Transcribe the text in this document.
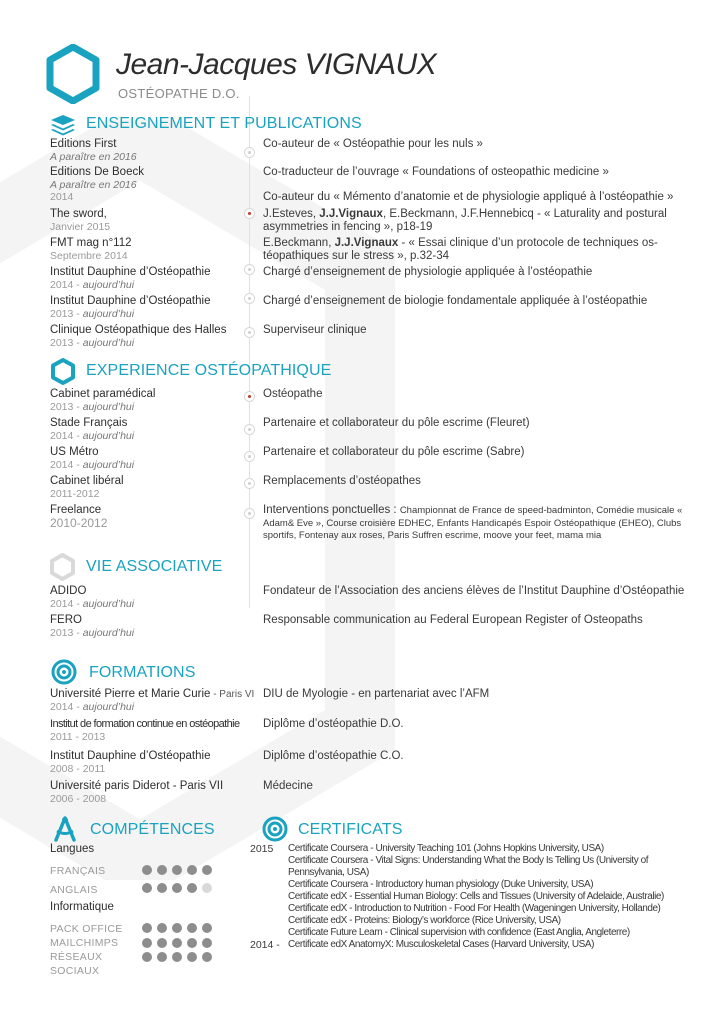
Jean-Jacques VIGNAUX
OSTÉOPATHE D.O.
ENSEIGNEMENT ET PUBLICATIONS
Editions First
A paraître en 2016
Co-auteur de « Ostéopathie pour les nuls »
Editions De Boeck
A paraître en 2016
Co-traducteur de l’ouvrage « Foundations of osteopathic medicine »
2014	Co-auteur du « Mémento d’anatomie et de physiologie appliqué à l’ostéopathie »
The sword,
Janvier 2015
J.Esteves, J.J.Vignaux, E.Beckmann, J.F.Hennebicq - « Laturality and postural asymmetries in fencing », p18-19
FMT mag n°112
Septembre 2014
E.Beckmann, J.J.Vignaux - « Essai clinique d’un protocole de techniques os-téopathiques sur le stress », p.32-34
Institut Dauphine d’Ostéopathie
2014 - aujourd’hui
Chargé d’enseignement de physiologie appliquée à l’ostéopathie
Institut Dauphine d’Ostéopathie
2013 - aujourd’hui
Chargé d’enseignement de biologie fondamentale appliquée à l’ostéopathie
Clinique Ostéopathique des Halles
2013 - aujourd’hui
Superviseur clinique
EXPERIENCE OSTÉOPATHIQUE
Cabinet paramédical
2013 - aujourd’hui
Ostéopathe
Stade Français
2014 - aujourd’hui
Partenaire et collaborateur du pôle escrime (Fleuret)
US Métro
2014 - aujourd’hui
Partenaire et collaborateur du pôle escrime (Sabre)
Cabinet libéral
2011-2012
Remplacements d’ostéopathes
Freelance
2010-2012
Interventions ponctuelles : Championnat de France de speed-badminton, Comédie musicale « Adam& Eve », Course croisière EDHEC, Enfants Handicapés Espoir Ostéopathique (EHEO), Clubs sportifs, Fontenay aux roses, Paris Suffren escrime, moove your feet, mama mia
VIE ASSOCIATIVE
ADIDO
2014 - aujourd’hui
Fondateur de l’Association des anciens élèves de l’Institut Dauphine d’Ostéopathie
FERO
2013 - aujourd’hui
Responsable communication au Federal European Register of Osteopaths
FORMATIONS
Université Pierre et Marie Curie - Paris VI
2014 - aujourd’hui
DIU de Myologie - en partenariat avec l’AFM
Institut de formation continue en ostéopathie
2011 - 2013
Diplôme d’ostéopathie D.O.
Institut Dauphine d’Ostéopathie
2008 - 2011
Diplôme d’ostéopathie C.O.
Université paris Diderot - Paris VII
2006 - 2008
Médecine
COMPÉTENCES
Langues
FRANÇAIS
ANGLAIS
Informatique
PACK OFFICE
MAILCHIMPS
RÉSEAUX
SOCIAUX
CERTIFICATS
2015	Certificate Coursera - University Teaching 101 (Johns Hopkins University, USA)
Certificate Coursera - Vital Signs: Understanding What the Body Is Telling Us (University of Pennsylvania, USA)
Certificate Coursera - Introductory human physiology (Duke University, USA)
Certificate edX - Essential Human Biology: Cells and Tissues (University of Adelaide, Australie)
Certificate edX - Introduction to Nutrition - Food For Health (Wageningen University, Hollande)
Certificate edX - Proteins: Biology’s workforce (Rice University, USA)
Certificate Future Learn - Clinical supervision with confidence (East Anglia, Angleterre)
2014 - Certificate edX AnatomyX: Musculoskeletal Cases (Harvard University, USA)
